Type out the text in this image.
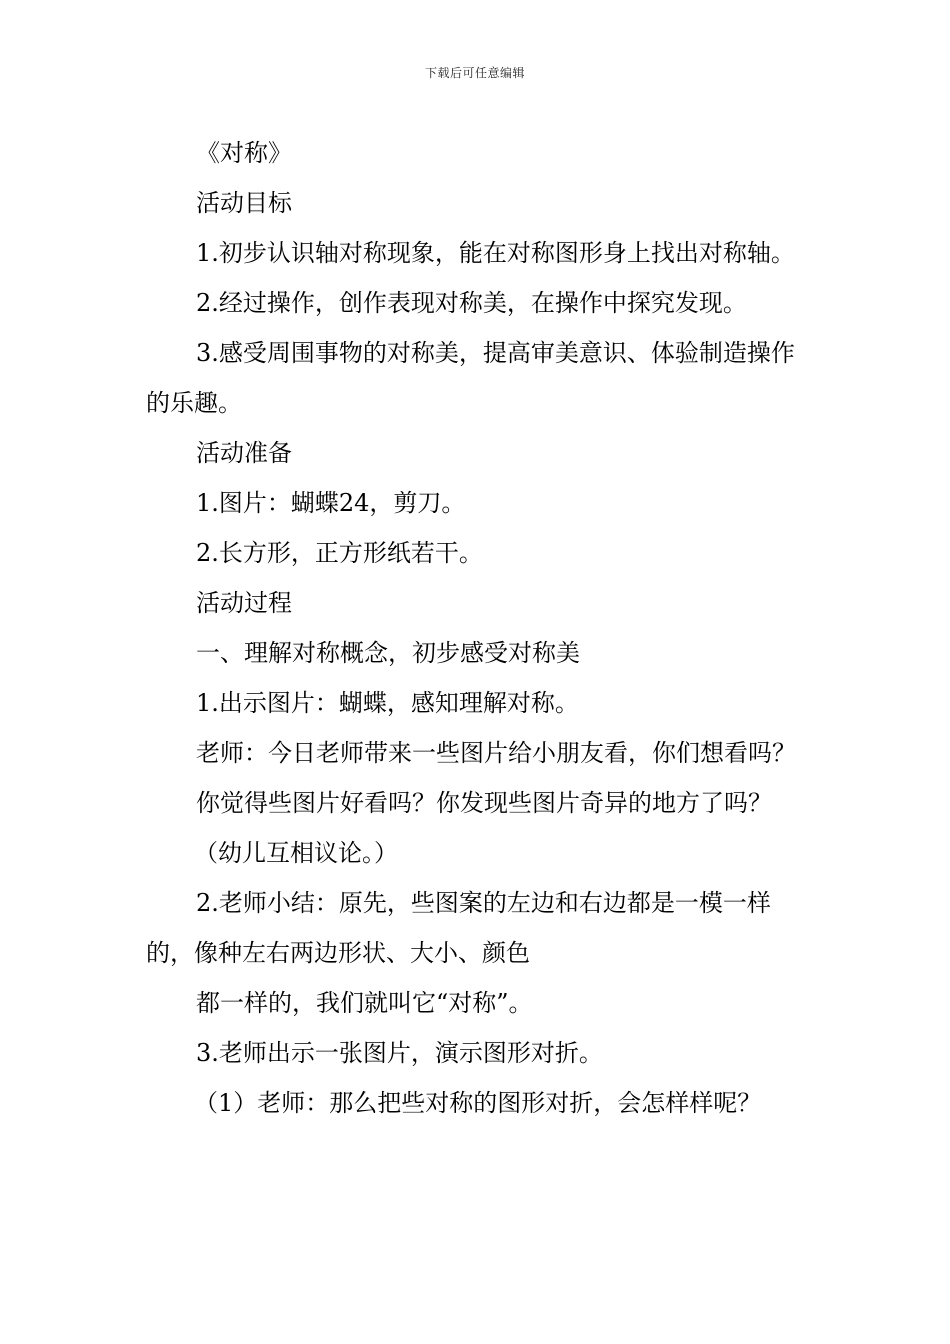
下载后可任意编辑

《对称》

活动目标

1.初步认识轴对称现象，能在对称图形身上找出对称轴。

2.经过操作，创作表现对称美，在操作中探究发现。

3.感受周围事物的对称美，提高审美意识、体验制造操作的乐趣。

活动准备

1.图片：蝴蝶24，剪刀。

2.长方形，正方形纸若干。

活动过程

一、理解对称概念，初步感受对称美

1.出示图片：蝴蝶，感知理解对称。

老师：今日老师带来一些图片给小朋友看，你们想看吗？

你觉得些图片好看吗？你发现些图片奇异的地方了吗？

（幼儿互相议论。）

2.老师小结：原先，些图案的左边和右边都是一模一样的，像种左右两边形状、大小、颜色

都一样的，我们就叫它“对称”。

3.老师出示一张图片，演示图形对折。

（1）老师：那么把些对称的图形对折，会怎样样呢？
